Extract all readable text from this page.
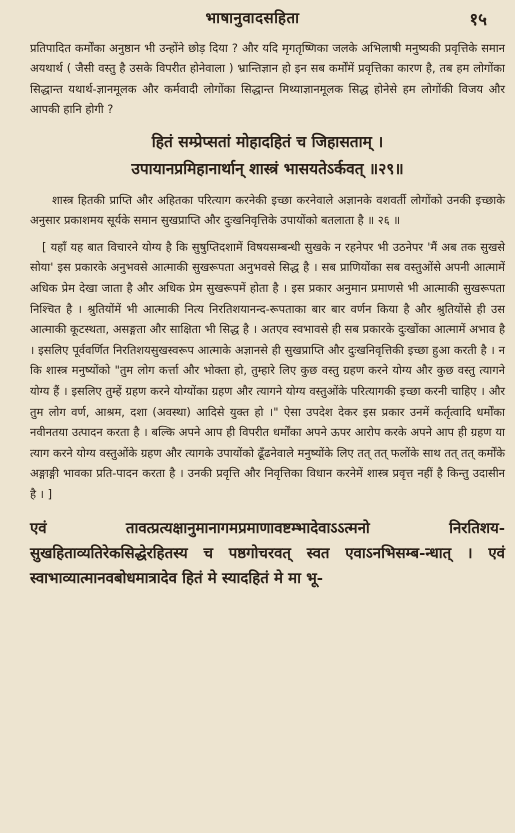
भाषानुवादसहिता	१५

प्रतिपादित कर्मोंका अनुष्ठान भी उन्होंने छोड़ दिया ? और यदि मृगतृष्णिका जलके अभिलाषी मनुष्यकी प्रवृत्तिके समान अयथार्थ ( जैसी वस्तु है उसके विपरीत होनेवाला ) भ्रान्तिज्ञान हो इन सब कर्मोंमें प्रवृत्तिका कारण है, तब हम लोगोंका सिद्धान्त यथार्थ-ज्ञानमूलक और कर्मवादी लोगोंका सिद्धान्त मिथ्याज्ञानमूलक सिद्ध होनेसे हम लोगोंकी विजय और आपकी हानि होगी ?

हितं सम्प्रेप्सतां मोहादहितं च जिहासताम् ।
उपायानप्रमिहानार्थान् शास्त्रं भासयतेऽर्कवत् ॥२९॥

शास्त्र हितकी प्राप्ति और अहितका परित्याग करनेकी इच्छा करनेवाले अज्ञानके वशवर्ती लोगोंको उनकी इच्छाके अनुसार प्रकाशमय सूर्यके समान सुखप्राप्ति और दुःखनिवृत्तिके उपायोंको बतलाता है ॥ २६ ॥

[ यहाँ यह बात विचारने योग्य है कि सुषुप्तिदशामें विषयसम्बन्धी सुखके न रहनेपर भी उठनेपर 'मैं अब तक सुखसे सोया' इस प्रकारके अनुभवसे आत्माकी सुखरूपता अनुभवसे सिद्ध है । सब प्राणियोंका सब वस्तुओंसे अपनी आत्मामें अधिक प्रेम देखा जाता है और अधिक प्रेम सुखरूपमें होता है । इस प्रकार अनुमान प्रमाणसे भी आत्माकी सुखरूपता निश्चित है । श्रुतियोंमें भी आत्माकी नित्य निरतिशयानन्द-रूपताका बार बार वर्णन किया है और श्रुतियोंसे ही उस आत्माकी कूटस्थता, असङ्गता और साक्षिता भी सिद्ध है । अतएव स्वभावसे ही सब प्रकारके दुःखोंका आत्मामें अभाव है । इसलिए पूर्ववर्णित निरतिशयसुखस्वरूप आत्माके अज्ञानसे ही सुखप्राप्ति और दुःखनिवृत्तिकी इच्छा हुआ करती है । न कि शास्त्र मनुष्योंको "तुम लोग कर्त्ता और भोक्ता हो, तुम्हारे लिए कुछ वस्तु ग्रहण करने योग्य और कुछ वस्तु त्यागने योग्य हैं । इसलिए तुम्हें ग्रहण करने योग्योंका ग्रहण और त्यागने योग्य वस्तुओंके परित्यागकी इच्छा करनी चाहिए । और तुम लोग वर्ण, आश्रम, दशा (अवस्था) आदिसे युक्त हो ।" ऐसा उपदेश देकर इस प्रकार उनमें कर्तृत्वादि धर्मोंका नवीनतया उत्पादन करता है । बल्कि अपने आप ही विपरीत धर्मोंका अपने ऊपर आरोप करके अपने आप ही ग्रहण या त्याग करने योग्य वस्तुओंके ग्रहण और त्यागके उपायोंको ढूँढनेवाले मनुष्योंके लिए तत् तत् फलोंके साथ तत् तत् कर्मोंके अङ्गाङ्गी भावका प्रति-पादन करता है । उनकी प्रवृत्ति और निवृत्तिका विधान करनेमें शास्त्र प्रवृत्त नहीं है किन्तु उदासीन है । ]

एवं तावत्प्रत्यक्षानुमानागमप्रमाणावष्टम्भादेवाऽऽत्मनो निरतिशय-सुखहिताव्यतिरेकसिद्धेरहितस्य च पष्ठगोचरवत् स्वत एवाऽनभिसम्ब-न्धात् । एवं स्वाभाव्यात्मानवबोधमात्रादेव हितं मे स्यादहितं मे मा भू-
